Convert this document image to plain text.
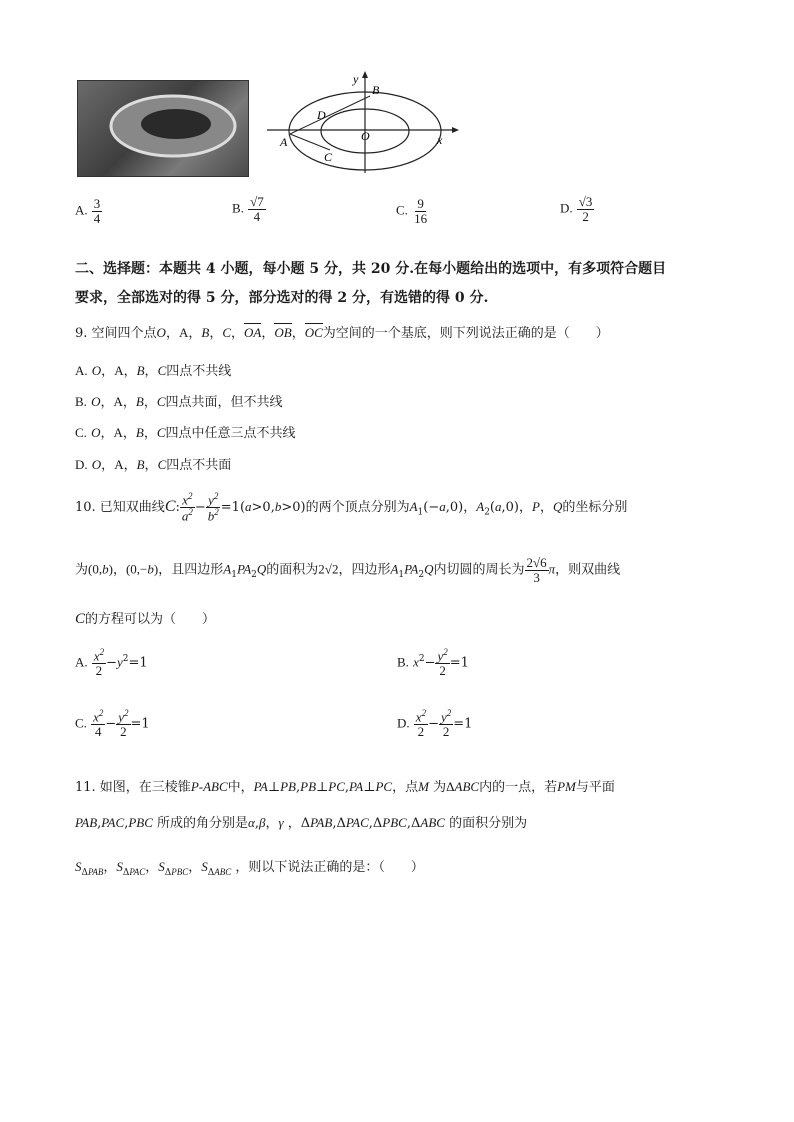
y
x
O
A
B
C
D
A. $\frac{3}{4}$	B. $\frac{√7}{4}$	C. $\frac{9}{16}$	D. $\frac{√3}{2}$
二、选择题：本题共 4 小题，每小题 5 分，共 20 分.在每小题给出的选项中，有多项符合题目
要求，全部选对的得 5 分，部分选对的得 2 分，有选错的得 0 分.
9. 空间四个点O，A，B，C，OA，OB，OC为空间的一个基底，则下列说法正确的是（　　）
A. O，A，B，C四点不共线
B. O，A，B，C四点共面，但不共线
C. O，A，B，C四点中任意三点不共线
D. O，A，B，C四点不共面
10. 已知双曲线C: $\frac{x^2}{a^2} - \frac{y^2}{b^2} =1(a>0,b>0)$的两个顶点分别为$A_1(-a,0)$，$A_2(a,0)$，P，Q的坐标分别
为(0,b)，(0,−b)，且四边形$A_1PA_2Q$的面积为2√2，四边形$A_1PA_2Q$内切圆的周长为 $\frac{2√6}{3}$ π，则双曲线
C的方程可以为（　　）
A. $\frac{x^2}{2} -y^2=1$	B. $x^2- \frac{y^2}{2} =1$
C. $\frac{x^2}{4} - \frac{y^2}{2} =1$	D. $\frac{x^2}{2} - \frac{y^2}{2} =1$
11. 如图，在三棱锥P-ABC中，PA⊥PB,PB⊥PC,PA⊥PC，点M 为ΔABC内的一点，若PM与平面
PAB,PAC,PBC 所成的角分别是α,β，γ ，ΔPAB,ΔPAC,ΔPBC,ΔABC 的面积分别为
$S_{\Delta PAB}$，$S_{\Delta PAC}$，$S_{\Delta PBC}$，$S_{\Delta ABC}$ ，则以下说法正确的是：（　　）
